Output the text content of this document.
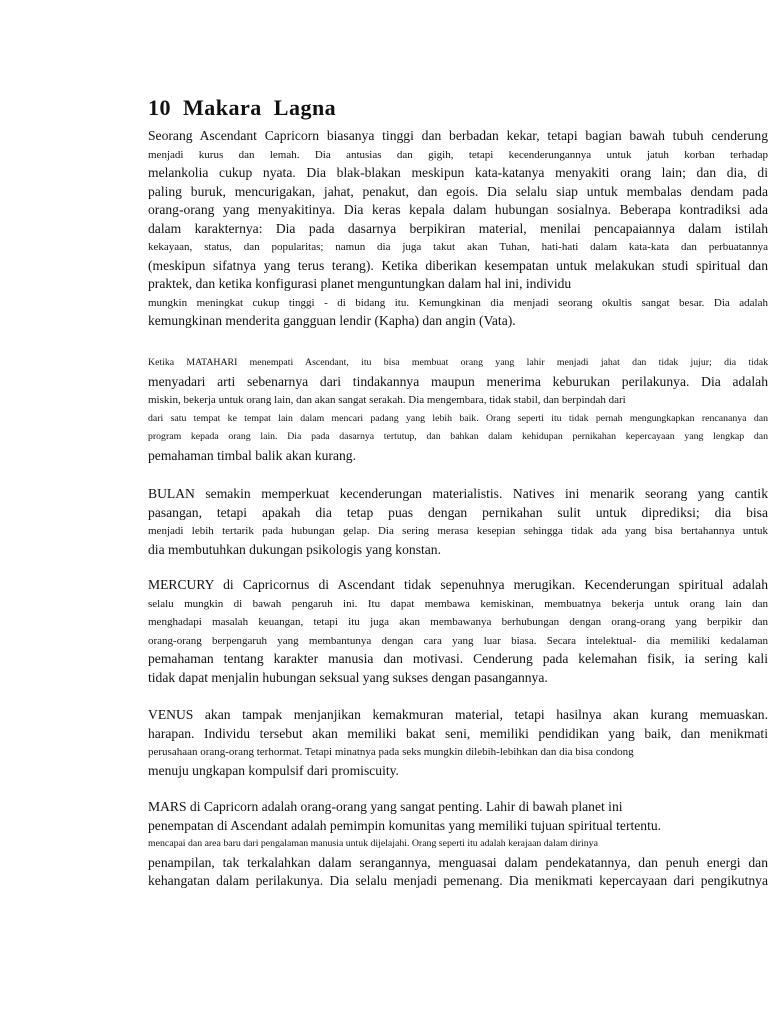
10  Makara  Lagna
Seorang Ascendant Capricorn biasanya tinggi dan berbadan kekar, tetapi bagian bawah tubuh cenderung
menjadi kurus dan lemah. Dia antusias dan gigih, tetapi kecenderungannya untuk jatuh korban terhadap
melankolia cukup nyata. Dia blak-blakan meskipun kata-katanya menyakiti orang lain; dan dia, di
paling buruk, mencurigakan, jahat, penakut, dan egois. Dia selalu siap untuk membalas dendam pada
orang-orang yang menyakitinya. Dia keras kepala dalam hubungan sosialnya. Beberapa kontradiksi ada
dalam karakternya: Dia pada dasarnya berpikiran material, menilai pencapaiannya dalam istilah
kekayaan, status, dan popularitas; namun dia juga takut akan Tuhan, hati-hati dalam kata-kata dan perbuatannya
(meskipun sifatnya yang terus terang). Ketika diberikan kesempatan untuk melakukan studi spiritual dan
praktek, dan ketika konfigurasi planet menguntungkan dalam hal ini, individu
mungkin meningkat cukup tinggi - di bidang itu. Kemungkinan dia menjadi seorang okultis sangat besar. Dia adalah
kemungkinan menderita gangguan lendir (Kapha) dan angin (Vata).
Ketika MATAHARI menempati Ascendant, itu bisa membuat orang yang lahir menjadi jahat dan tidak jujur; dia tidak
menyadari arti sebenarnya dari tindakannya maupun menerima keburukan perilakunya. Dia adalah
miskin, bekerja untuk orang lain, dan akan sangat serakah. Dia mengembara, tidak stabil, dan berpindah dari
dari satu tempat ke tempat lain dalam mencari padang yang lebih baik. Orang seperti itu tidak pernah mengungkapkan rencananya dan
program kepada orang lain. Dia pada dasarnya tertutup, dan bahkan dalam kehidupan pernikahan kepercayaan yang lengkap dan
pemahaman timbal balik akan kurang.
BULAN semakin memperkuat kecenderungan materialistis. Natives ini menarik seorang yang cantik
pasangan, tetapi apakah dia tetap puas dengan pernikahan sulit untuk diprediksi; dia bisa
menjadi lebih tertarik pada hubungan gelap. Dia sering merasa kesepian sehingga tidak ada yang bisa bertahannya untuk
dia membutuhkan dukungan psikologis yang konstan.
MERCURY di Capricornus di Ascendant tidak sepenuhnya merugikan. Kecenderungan spiritual adalah
selalu mungkin di bawah pengaruh ini. Itu dapat membawa kemiskinan, membuatnya bekerja untuk orang lain dan
menghadapi masalah keuangan, tetapi itu juga akan membawanya berhubungan dengan orang-orang yang berpikir dan
orang-orang berpengaruh yang membantunya dengan cara yang luar biasa. Secara intelektual- dia memiliki kedalaman
pemahaman tentang karakter manusia dan motivasi. Cenderung pada kelemahan fisik, ia sering kali
tidak dapat menjalin hubungan seksual yang sukses dengan pasangannya.
VENUS akan tampak menjanjikan kemakmuran material, tetapi hasilnya akan kurang memuaskan.
harapan. Individu tersebut akan memiliki bakat seni, memiliki pendidikan yang baik, dan menikmati
perusahaan orang-orang terhormat. Tetapi minatnya pada seks mungkin dilebih-lebihkan dan dia bisa condong
menuju ungkapan kompulsif dari promiscuity.
MARS di Capricorn adalah orang-orang yang sangat penting. Lahir di bawah planet ini
penempatan di Ascendant adalah pemimpin komunitas yang memiliki tujuan spiritual tertentu.
mencapai dan area baru dari pengalaman manusia untuk dijelajahi. Orang seperti itu adalah kerajaan dalam dirinya
penampilan, tak terkalahkan dalam serangannya, menguasai dalam pendekatannya, dan penuh energi dan
kehangatan dalam perilakunya. Dia selalu menjadi pemenang. Dia menikmati kepercayaan dari pengikutnya
